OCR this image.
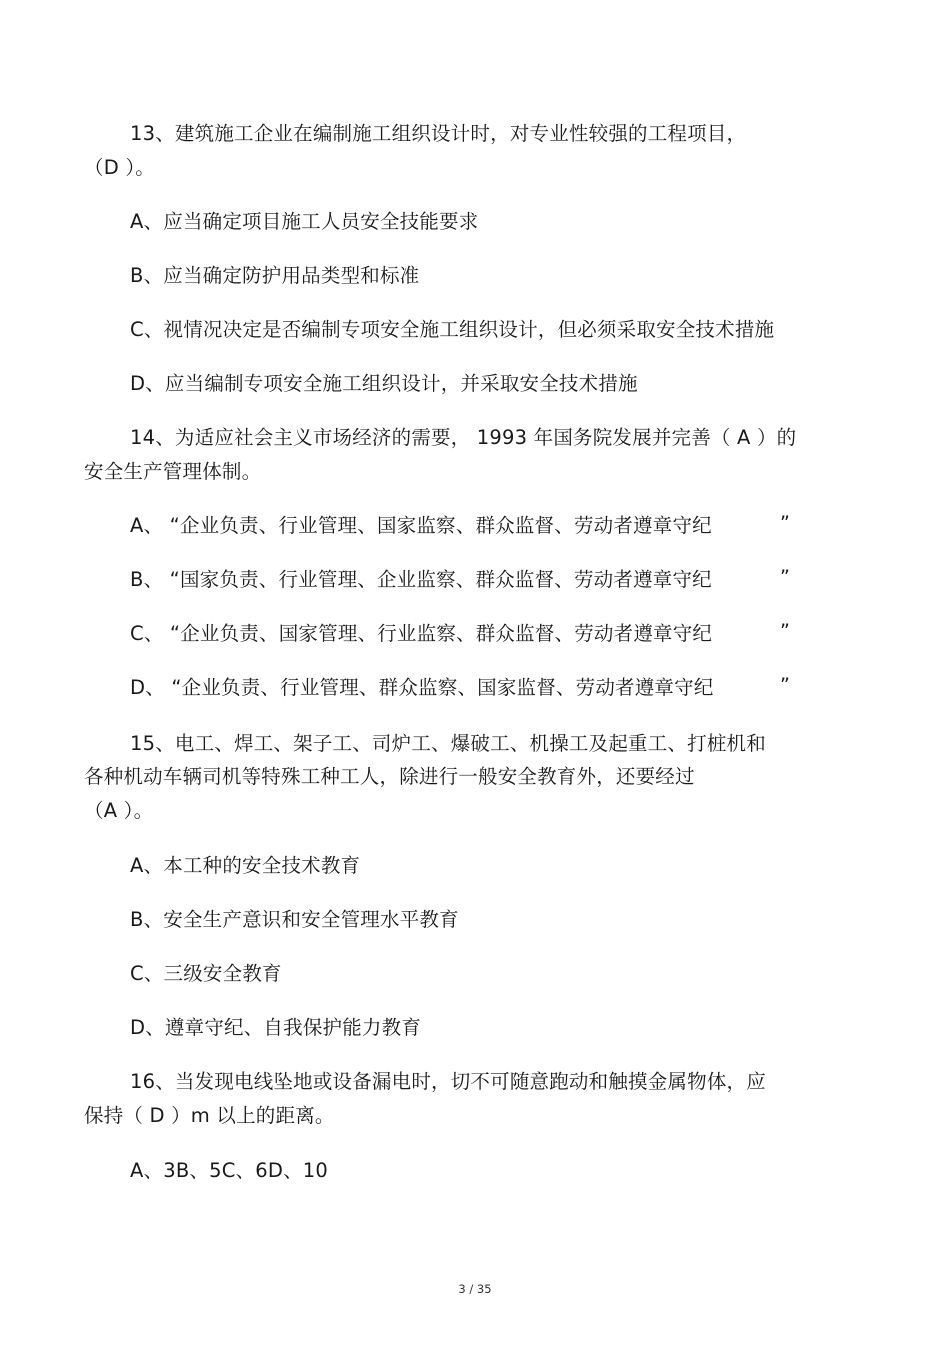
13、建筑施工企业在编制施工组织设计时，对专业性较强的工程项目，
（D ）。
A、应当确定项目施工人员安全技能要求
B、应当确定防护用品类型和标准
C、视情况决定是否编制专项安全施工组织设计，但必须采取安全技术措施
D、应当编制专项安全施工组织设计，并采取安全技术措施
14、为适应社会主义市场经济的需要， 1993 年国务院发展并完善（ A ）的
安全生产管理体制。
A、 “企业负责、行业管理、国家监察、群众监督、劳动者遵章守纪	”
B、 “国家负责、行业管理、企业监察、群众监督、劳动者遵章守纪	”
C、 “企业负责、国家管理、行业监察、群众监督、劳动者遵章守纪	”
D、 “企业负责、行业管理、群众监察、国家监督、劳动者遵章守纪	”
15、电工、焊工、架子工、司炉工、爆破工、机操工及起重工、打桩机和
各种机动车辆司机等特殊工种工人，除进行一般安全教育外，还要经过
（A ）。
A、本工种的安全技术教育
B、安全生产意识和安全管理水平教育
C、三级安全教育
D、遵章守纪、自我保护能力教育
16、当发现电线坠地或设备漏电时，切不可随意跑动和触摸金属物体，应
保持（ D ）m 以上的距离。
A、3B、5C、6D、10
3 / 35
